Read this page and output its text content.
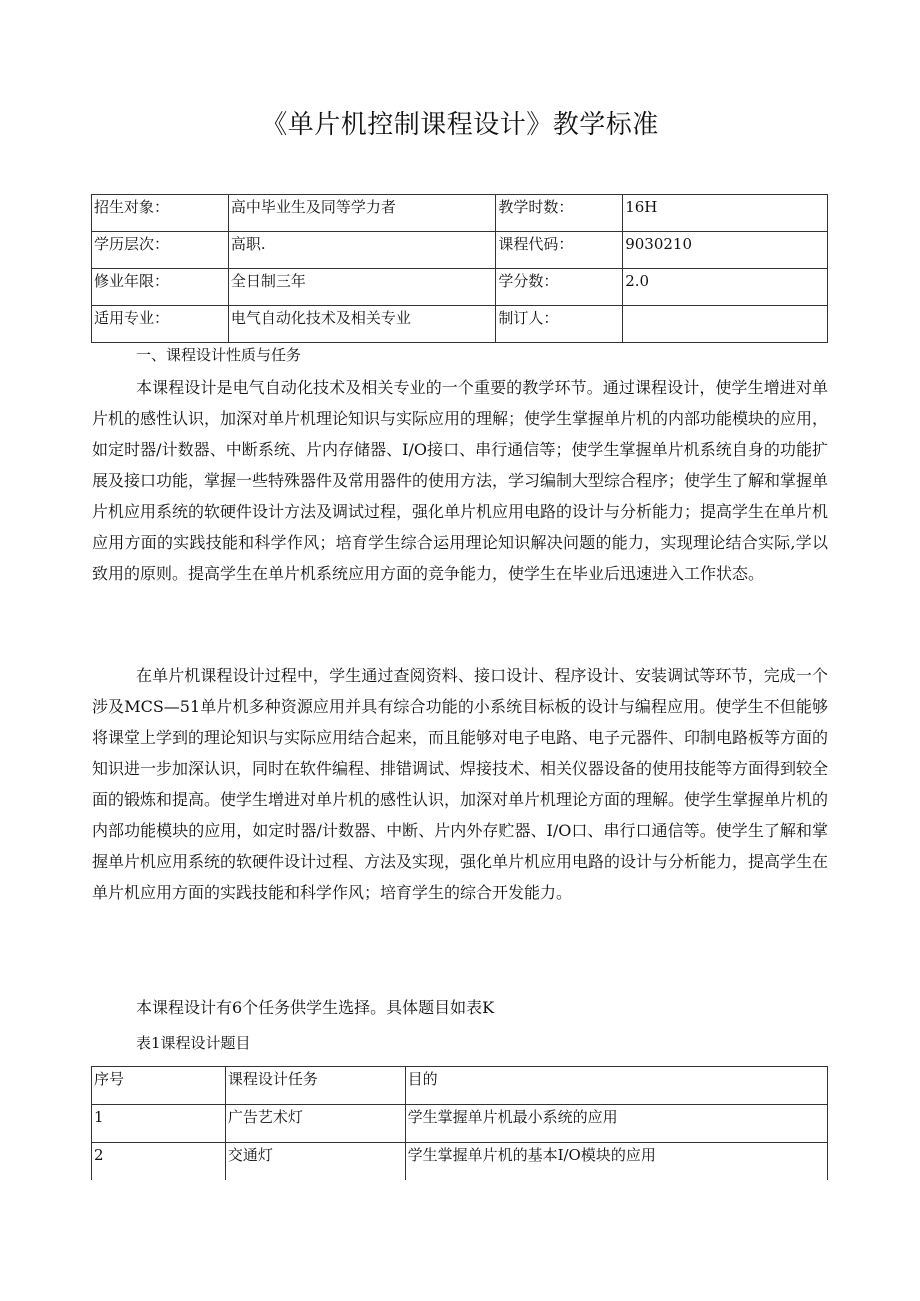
《单片机控制课程设计》教学标准
招生对象：	高中毕业生及同等学力者	教学时数：	16H
学历层次：	高职.	课程代码：	9030210
修业年限：	全日制三年	学分数：	2.0
适用专业：	电气自动化技术及相关专业	制订人：	
一、课程设计性质与任务

本课程设计是电气自动化技术及相关专业的一个重要的教学环节。通过课程设计，使学生增进对单片机的感性认识，加深对单片机理论知识与实际应用的理解；使学生掌握单片机的内部功能模块的应用，如定时器/计数器、中断系统、片内存储器、I/O接口、串行通信等；使学生掌握单片机系统自身的功能扩展及接口功能，掌握一些特殊器件及常用器件的使用方法，学习编制大型综合程序；使学生了解和掌握单片机应用系统的软硬件设计方法及调试过程，强化单片机应用电路的设计与分析能力；提高学生在单片机应用方面的实践技能和科学作风；培育学生综合运用理论知识解决问题的能力，实现理论结合实际,学以致用的原则。提高学生在单片机系统应用方面的竞争能力，使学生在毕业后迅速进入工作状态。

在单片机课程设计过程中，学生通过查阅资料、接口设计、程序设计、安装调试等环节，完成一个涉及MCS—51单片机多种资源应用并具有综合功能的小系统目标板的设计与编程应用。使学生不但能够将课堂上学到的理论知识与实际应用结合起来，而且能够对电子电路、电子元器件、印制电路板等方面的知识进一步加深认识，同时在软件编程、排错调试、焊接技术、相关仪器设备的使用技能等方面得到较全面的锻炼和提高。使学生增进对单片机的感性认识，加深对单片机理论方面的理解。使学生掌握单片机的内部功能模块的应用，如定时器/计数器、中断、片内外存贮器、I/O口、串行口通信等。使学生了解和掌握单片机应用系统的软硬件设计过程、方法及实现，强化单片机应用电路的设计与分析能力，提高学生在单片机应用方面的实践技能和科学作风；培育学生的综合开发能力。

本课程设计有6个任务供学生选择。具体题目如表K

表1课程设计题目
序号	课程设计任务	目的
1	广告艺术灯	学生掌握单片机最小系统的应用
2	交通灯	学生掌握单片机的基本I/O模块的应用
